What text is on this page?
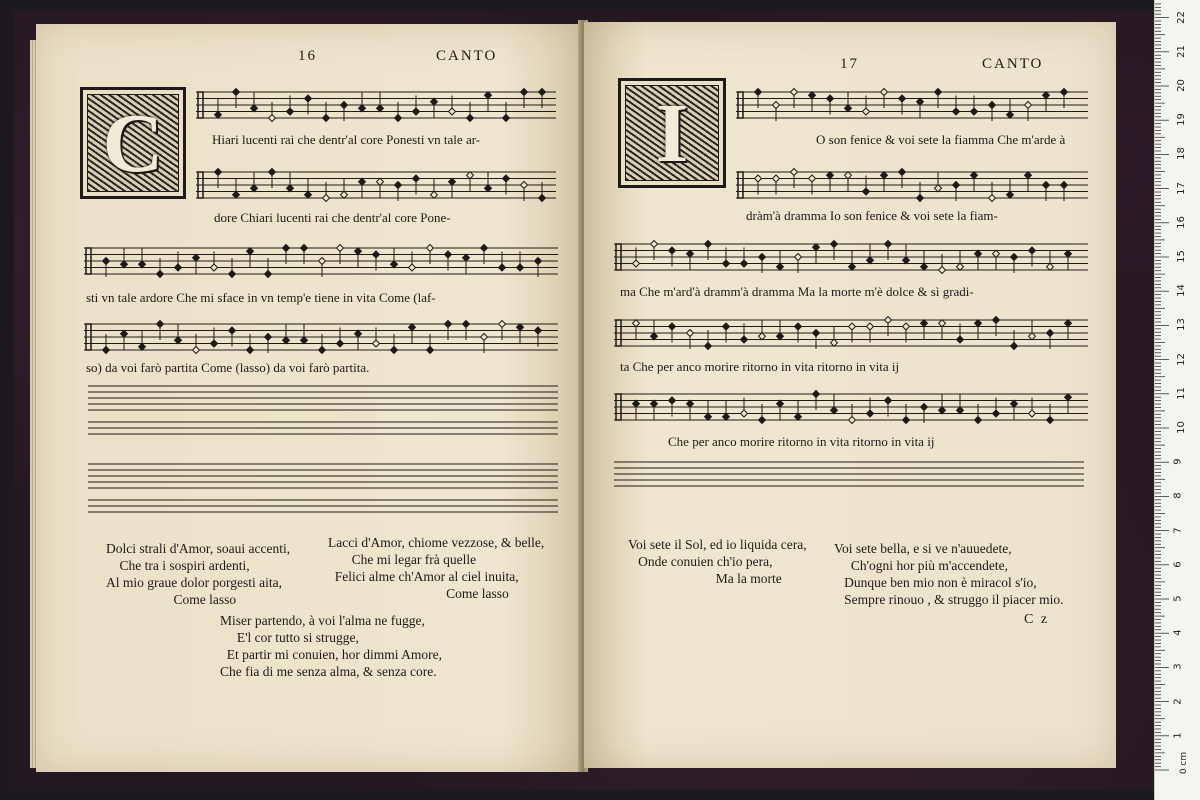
16	CANTO
C	Hiari lucenti rai che dentr'al core Ponesti vn tale ar-
dore Chiari lucenti rai che dentr'al core Pone-
sti vn tale ardore Che mi sface in vn temp'e tiene in vita Come (laf-
so) da voi farò partita Come (lasso) da voi farò partita.
Dolci strali d'Amor, soaui accenti,
Che tra i sospiri ardenti,
Al mio graue dolor porgesti aita,
Come lasso
Lacci d'Amor, chiome vezzose, & belle,
Che mi legar frà quelle
Felici alme ch'Amor al ciel inuita,
Come lasso
Miser partendo, à voi l'alma ne fugge,
E'l cor tutto si strugge,
Et partir mi conuien, hor dimmi Amore,
Che fia di me senza alma, & senza core.
17	CANTO
I	O son fenice & voi sete la fiamma Che m'arde à
dràm'à dramma Io son fenice & voi sete la fiam-
ma Che m'ard'à dramm'à dramma Ma la morte m'è dolce & sì gradi-
ta Che per anco morire ritorno in vita ritorno in vita ij
Che per anco morire ritorno in vita ritorno in vita ij
Voi sete il Sol, ed io liquida cera,
Onde conuien ch'io pera,
Ma la morte
Voi sete bella, e si ve n'auuedete,
Ch'ogni hor più m'accendete,
Dunque ben mio non è miracol s'io,
Sempre rinouo , & struggo il piacer mio.
C z
0 cm
1
2
3
4
5
6
7
8
9
10
11
12
13
14
15
16
17
18
19
20
21
22
